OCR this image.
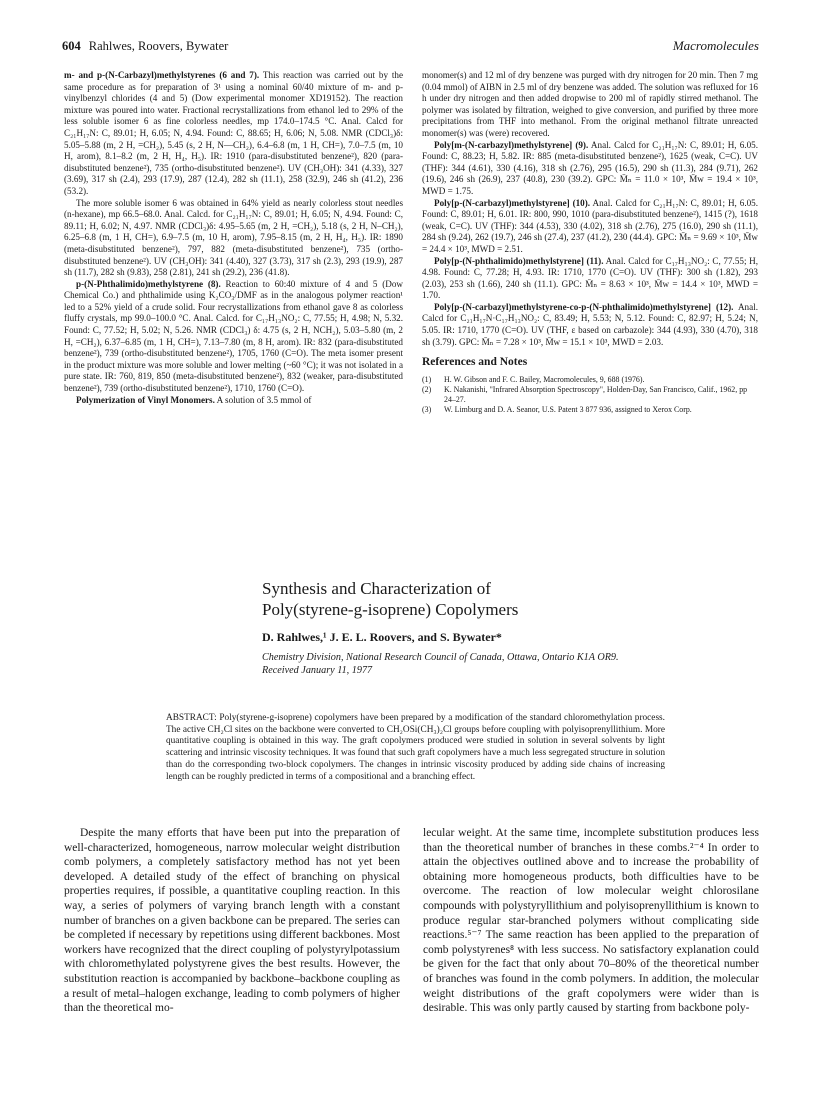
604 Rahlwes, Roovers, Bywater	Macromolecules

m- and p-(N-Carbazyl)methylstyrenes (6 and 7). This reaction was carried out by the same procedure as for preparation of 3¹ using a nominal 60/40 mixture of m- and p-vinylbenzyl chlorides (4 and 5) (Dow experimental monomer XD19152). The reaction mixture was poured into water. Fractional recrystallizations from ethanol led to 29% of the less soluble isomer 6 as fine colorless needles, mp 174.0–174.5 °C. Anal. Calcd for C₂₁H₁₇N: C, 89.01; H, 6.05; N, 4.94. Found: C, 88.65; H, 6.06; N, 5.08. NMR (CDCl₃)δ: 5.05–5.88 (m, 2 H, =CH₂), 5.45 (s, 2 H, N—CH₂), 6.4–6.8 (m, 1 H, CH=), 7.0–7.5 (m, 10 H, arom), 8.1–8.2 (m, 2 H, H₄, H₅). IR: 1910 (para-disubstituted benzene²), 820 (para-disubstituted benzene²), 735 (ortho-disubstituted benzene²). UV (CH₃OH): 341 (4.33), 327 (3.69), 317 sh (2.4), 293 (17.9), 287 (12.4), 282 sh (11.1), 258 (32.9), 246 sh (41.2), 236 (53.2).

The more soluble isomer 6 was obtained in 64% yield as nearly colorless stout needles (n-hexane), mp 66.5–68.0. Anal. Calcd. for C₂₁H₁₇N: C, 89.01; H, 6.05; N, 4.94. Found: C, 89.11; H, 6.02; N, 4.97. NMR (CDCl₃)δ: 4.95–5.65 (m, 2 H, =CH₂), 5.18 (s, 2 H, N–CH₂), 6.25–6.8 (m, 1 H, CH=), 6.9–7.5 (m, 10 H, arom), 7.95–8.15 (m, 2 H, H₄, H₅). IR: 1890 (meta-disubstituted benzene²), 797, 882 (meta-disubstituted benzene²), 735 (ortho-disubstituted benzene²). UV (CH₃OH): 341 (4.40), 327 (3.73), 317 sh (2.3), 293 (19.9), 287 sh (11.7), 282 sh (9.83), 258 (2.81), 241 sh (29.2), 236 (41.8).

p-(N-Phthalimido)methylstyrene (8). Reaction to 60:40 mixture of 4 and 5 (Dow Chemical Co.) and phthalimide using K₂CO₃/DMF as in the analogous polymer reaction¹ led to a 52% yield of a crude solid. Four recrystallizations from ethanol gave 8 as colorless fluffy crystals, mp 99.0–100.0 °C. Anal. Calcd. for C₁₇H₁₃NO₂: C, 77.55; H, 4.98; N, 5.32. Found: C, 77.52; H, 5.02; N, 5.26. NMR (CDCl₃) δ: 4.75 (s, 2 H, NCH₂), 5.03–5.80 (m, 2 H, =CH₂), 6.37–6.85 (m, 1 H, CH=), 7.13–7.80 (m, 8 H, arom). IR: 832 (para-disubstituted benzene²), 739 (ortho-disubstituted benzene²), 1705, 1760 (C=O). The meta isomer present in the product mixture was more soluble and lower melting (~60 °C); it was not isolated in a pure state. IR: 760, 819, 850 (meta-disubstituted benzene²), 832 (weaker, para-disubstituted benzene²), 739 (ortho-disubstituted benzene²), 1710, 1760 (C=O).

Polymerization of Vinyl Monomers. A solution of 3.5 mmol of

monomer(s) and 12 ml of dry benzene was purged with dry nitrogen for 20 min. Then 7 mg (0.04 mmol) of AIBN in 2.5 ml of dry benzene was added. The solution was refluxed for 16 h under dry nitrogen and then added dropwise to 200 ml of rapidly stirred methanol. The polymer was isolated by filtration, weighed to give conversion, and purified by three more precipitations from THF into methanol. From the original methanol filtrate unreacted monomer(s) was (were) recovered.

Poly[m-(N-carbazyl)methylstyrene] (9). Anal. Calcd for C₂₁H₁₇N: C, 89.01; H, 6.05. Found: C, 88.23; H, 5.82. IR: 885 (meta-disubstituted benzene²), 1625 (weak, C=C). UV (THF): 344 (4.61), 330 (4.16), 318 sh (2.76), 295 (16.5), 290 sh (11.3), 284 (9.71), 262 (19.6), 246 sh (26.9), 237 (40.8), 230 (39.2). GPC: M̄ₙ = 11.0 × 10³, M̄w = 19.4 × 10³, MWD = 1.75.

Poly[p-(N-carbazyl)methylstyrene] (10). Anal. Calcd for C₂₁H₁₇N: C, 89.01; H, 6.05. Found: C, 89.01; H, 6.01. IR: 800, 990, 1010 (para-disubstituted benzene²), 1415 (?), 1618 (weak, C=C). UV (THF): 344 (4.53), 330 (4.02), 318 sh (2.76), 275 (16.0), 290 sh (11.1), 284 sh (9.24), 262 (19.7), 246 sh (27.4), 237 (41.2), 230 (44.4). GPC: M̄ₙ = 9.69 × 10³, M̄w = 24.4 × 10³, MWD = 2.51.

Poly[p-(N-phthalimido)methylstyrene] (11). Anal. Calcd for C₁₇H₁₃NO₂: C, 77.55; H, 4.98. Found: C, 77.28; H, 4.93. IR: 1710, 1770 (C=O). UV (THF): 300 sh (1.82), 293 (2.03), 253 sh (1.66), 240 sh (11.1). GPC: M̄ₙ = 8.63 × 10³, M̄w = 14.4 × 10³, MWD = 1.70.

Poly[p-(N-carbazyl)methylstyrene-co-p-(N-phthalimido)methylstyrene] (12). Anal. Calcd for C₂₁H₁₇N·C₁₇H₁₃NO₂: C, 83.49; H, 5.53; N, 5.12. Found: C, 82.97; H, 5.24; N, 5.05. IR: 1710, 1770 (C=O). UV (THF, ε based on carbazole): 344 (4.93), 330 (4.70), 318 sh (3.79). GPC: M̄ₙ = 7.28 × 10³, M̄w = 15.1 × 10³, MWD = 2.03.

References and Notes
(1)	H. W. Gibson and F. C. Bailey, Macromolecules, 9, 688 (1976).
(2)	K. Nakanishi, "Infrared Absorption Spectroscopy", Holden-Day, San Francisco, Calif., 1962, pp 24–27.
(3)	W. Limburg and D. A. Seanor, U.S. Patent 3 877 936, assigned to Xerox Corp.
Synthesis and Characterization of
Poly(styrene-g-isoprene) Copolymers
D. Rahlwes,¹ J. E. L. Roovers, and S. Bywater*
Chemistry Division, National Research Council of Canada, Ottawa, Ontario K1A OR9.
Received January 11, 1977
ABSTRACT: Poly(styrene-g-isoprene) copolymers have been prepared by a modification of the standard chloromethylation process. The active CH₂Cl sites on the backbone were converted to CH₂OSi(CH₃)₂Cl groups before coupling with polyisoprenyllithium. More quantitative coupling is obtained in this way. The graft copolymers produced were studied in solution in several solvents by light scattering and intrinsic viscosity techniques. It was found that such graft copolymers have a much less segregated structure in solution than do the corresponding two-block copolymers. The changes in intrinsic viscosity produced by adding side chains of increasing length can be roughly predicted in terms of a compositional and a branching effect.

Despite the many efforts that have been put into the preparation of well-characterized, homogeneous, narrow molecular weight distribution comb polymers, a completely satisfactory method has not yet been developed. A detailed study of the effect of branching on physical properties requires, if possible, a quantitative coupling reaction. In this way, a series of polymers of varying branch length with a constant number of branches on a given backbone can be prepared. The series can be completed if necessary by repetitions using different backbones. Most workers have recognized that the direct coupling of polystyrylpotassium with chloromethylated polystyrene gives the best results. However, the substitution reaction is accompanied by backbone–backbone coupling as a result of metal–halogen exchange, leading to comb polymers of higher than the theoretical mo-

lecular weight. At the same time, incomplete substitution produces less than the theoretical number of branches in these combs.²⁻⁴ In order to attain the objectives outlined above and to increase the probability of obtaining more homogeneous products, both difficulties have to be overcome. The reaction of low molecular weight chlorosilane compounds with polystyryllithium and polyisoprenyllithium is known to produce regular star-branched polymers without complicating side reactions.⁵⁻⁷ The same reaction has been applied to the preparation of comb polystyrenes⁸ with less success. No satisfactory explanation could be given for the fact that only about 70–80% of the theoretical number of branches was found in the comb polymers. In addition, the molecular weight distributions of the graft copolymers were wider than is desirable. This was only partly caused by starting from backbone poly-
